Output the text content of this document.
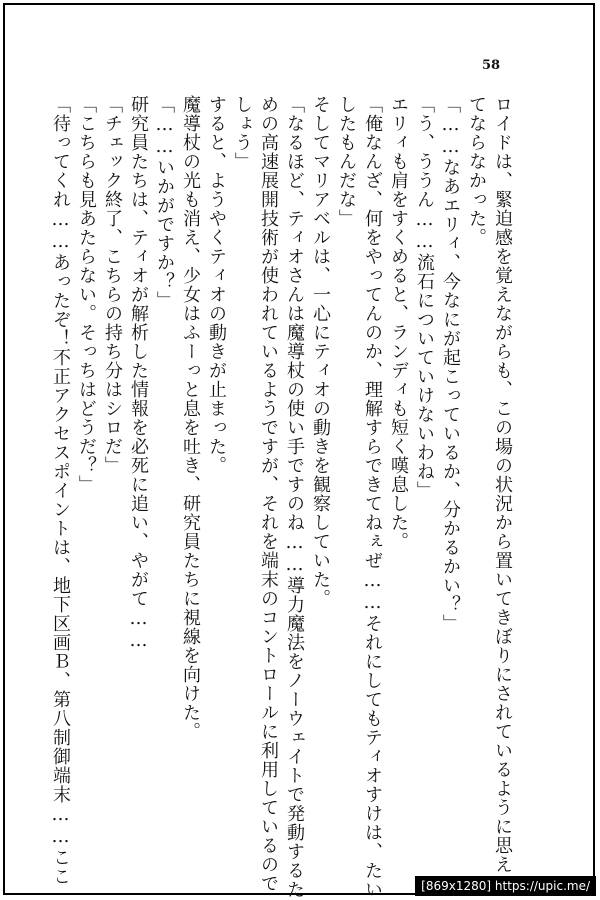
58
ロイドは、緊迫感を覚えながらも、この場の状況から置いてきぼりにされているように思え
てならなかった。
「……なあエリィ、今なにが起こっているか、分かるかい？」
「う、ううん……流石についていけないわね」
エリィも肩をすくめると、ランディも短く嘆息した。
「俺なんざ、何をやってんのか、理解すらできてねぇぜ……それにしてもティオすけは、たい
したもんだな」
そしてマリアベルは、一心にティオの動きを観察していた。
「なるほど、ティオさんは魔導杖の使い手ですのね……導力魔法をノーウェイトで発動するた
めの高速展開技術が使われているようですが、それを端末のコントロールに利用しているので
しょう」
すると、ようやくティオの動きが止まった。
魔導杖の光も消え、少女はふーっと息を吐き、研究員たちに視線を向けた。
「……いかがですか？」
研究員たちは、ティオが解析した情報を必死に追い、やがて……
「チェック終了、こちらの持ち分はシロだ」
「こちらも見あたらない。そっちはどうだ？」
「待ってくれ……あったぞ！不正アクセスポイントは、地下区画Ｂ、第八制御端末……ここ	[869x1280] https://upic.me/
